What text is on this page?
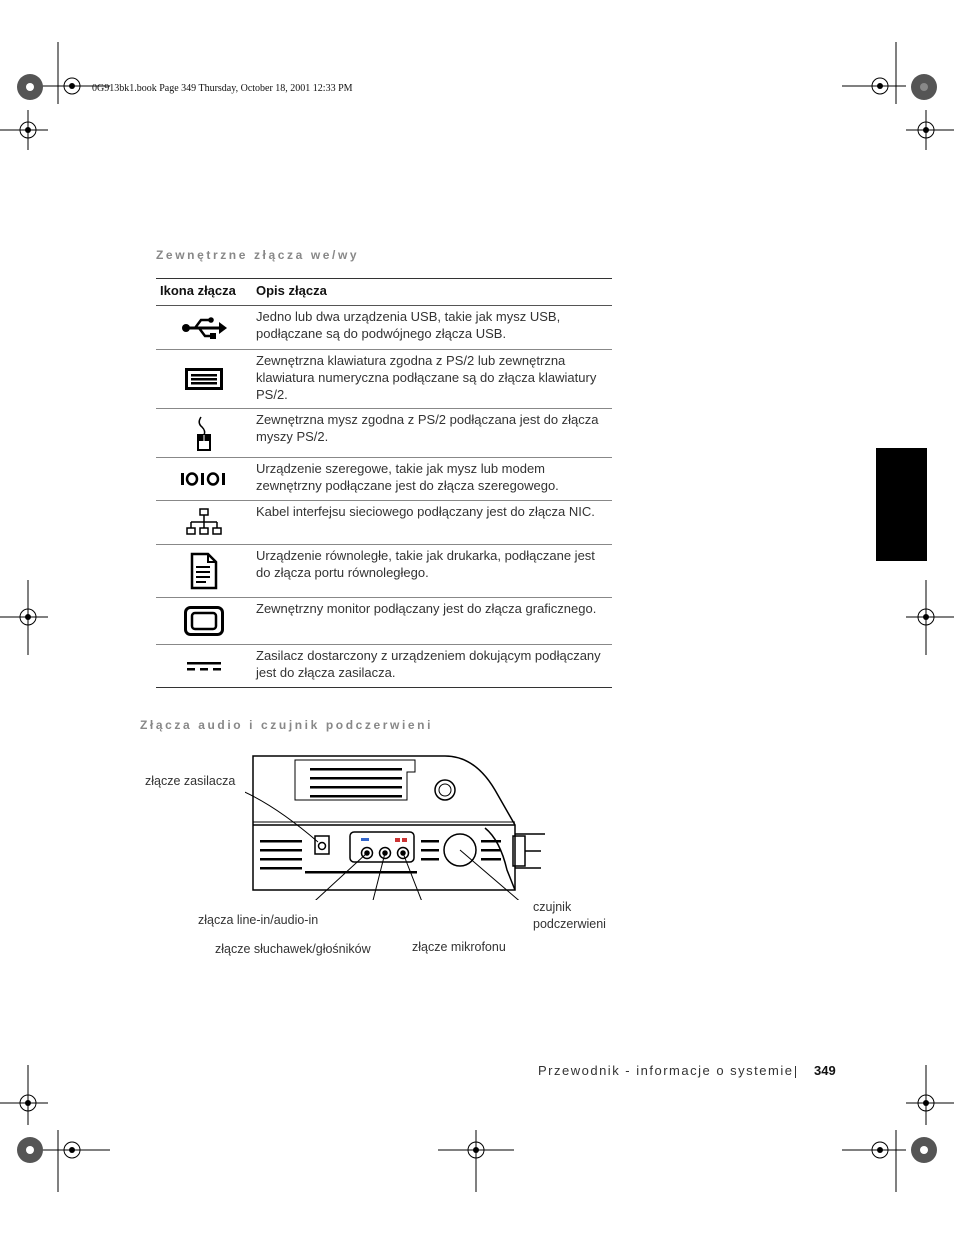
0G913bk1.book Page 349 Thursday, October 18, 2001 12:33 PM
Zewnętrzne złącza we/wy
Ikona złącza	Opis złącza

	Jedno lub dwa urządzenia USB, takie jak mysz USB, podłączane są do podwójnego złącza USB.

	Zewnętrzna klawiatura zgodna z PS/2 lub zewnętrzna klawiatura numeryczna podłączane są do złącza klawiatury PS/2.

	Zewnętrzna mysz zgodna z PS/2 podłączana jest do złącza myszy PS/2.

	Urządzenie szeregowe, takie jak mysz lub modem zewnętrzny podłączane jest do złącza szeregowego.

	Kabel interfejsu sieciowego podłączany jest do złącza NIC.

	Urządzenie równoległe, takie jak drukarka, podłączane jest do złącza portu równoległego.

	Zewnętrzny monitor podłączany jest do złącza graficznego.

	Zasilacz dostarczony z urządzeniem dokującym podłączany jest do złącza zasilacza.
Złącza audio i czujnik podczerwieni
złącze zasilacza
złącza line-in/audio-in
złącze słuchawek/głośników	złącze mikrofonu
czujnik
podczerwieni
Przewodnik - informacje o systemie 349
